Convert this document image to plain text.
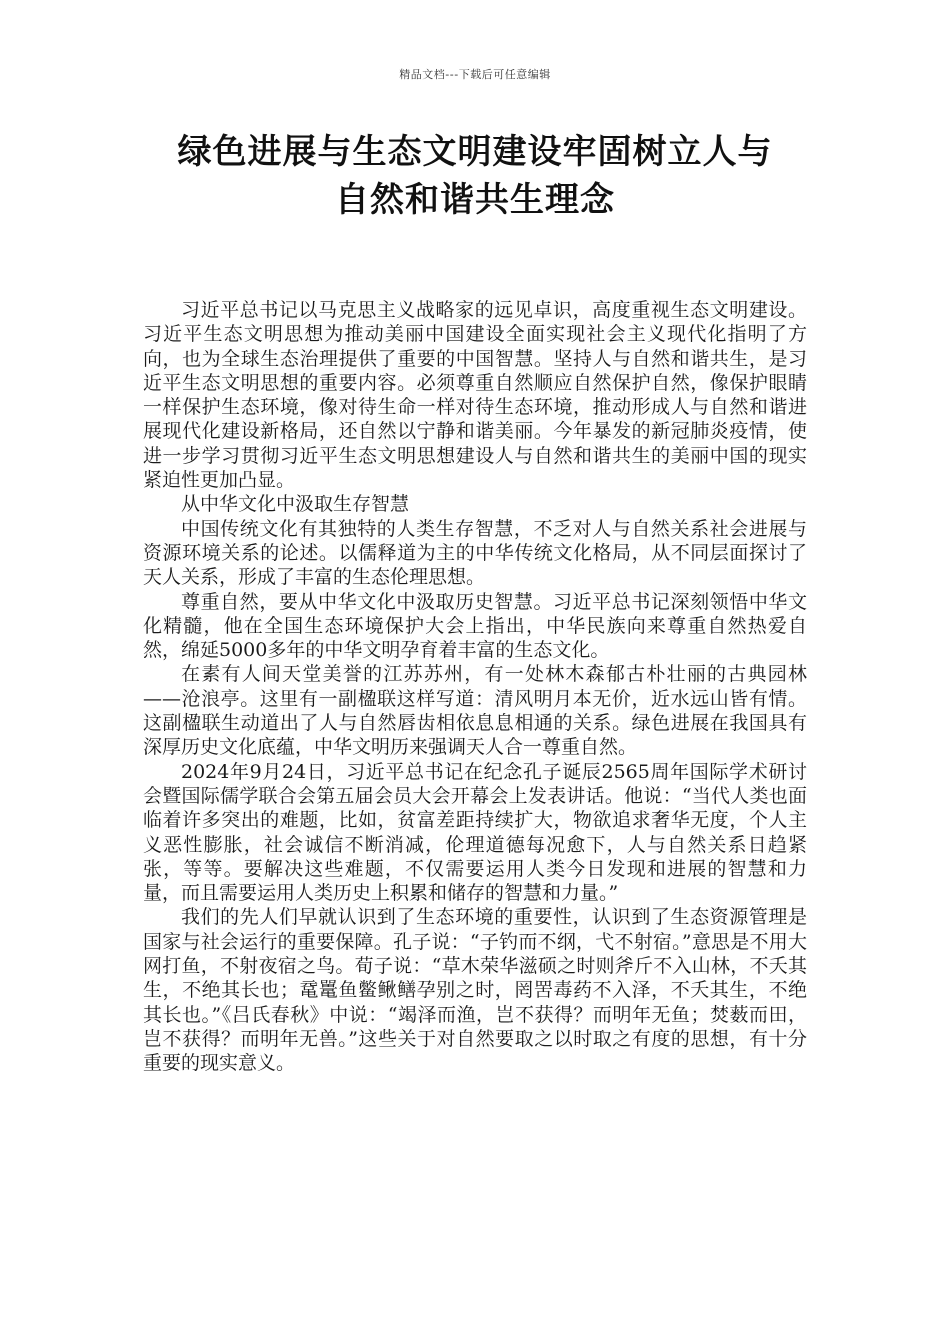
精品文档---下载后可任意编辑
绿色进展与生态文明建设牢固树立人与
自然和谐共生理念

习近平总书记以马克思主义战略家的远见卓识，高度重视生态文明建设。习近平生态文明思想为推动美丽中国建设全面实现社会主义现代化指明了方向，也为全球生态治理提供了重要的中国智慧。坚持人与自然和谐共生，是习近平生态文明思想的重要内容。必须尊重自然顺应自然保护自然，像保护眼睛一样保护生态环境，像对待生命一样对待生态环境，推动形成人与自然和谐进展现代化建设新格局，还自然以宁静和谐美丽。今年暴发的新冠肺炎疫情，使进一步学习贯彻习近平生态文明思想建设人与自然和谐共生的美丽中国的现实紧迫性更加凸显。

从中华文化中汲取生存智慧

中国传统文化有其独特的人类生存智慧，不乏对人与自然关系社会进展与资源环境关系的论述。以儒释道为主的中华传统文化格局，从不同层面探讨了天人关系，形成了丰富的生态伦理思想。

尊重自然，要从中华文化中汲取历史智慧。习近平总书记深刻领悟中华文化精髓，他在全国生态环境保护大会上指出，中华民族向来尊重自然热爱自然，绵延5000多年的中华文明孕育着丰富的生态文化。

在素有人间天堂美誉的江苏苏州，有一处林木森郁古朴壮丽的古典园林——沧浪亭。这里有一副楹联这样写道：清风明月本无价，近水远山皆有情。这副楹联生动道出了人与自然唇齿相依息息相通的关系。绿色进展在我国具有深厚历史文化底蕴，中华文明历来强调天人合一尊重自然。

2024年9月24日，习近平总书记在纪念孔子诞辰2565周年国际学术研讨会暨国际儒学联合会第五届会员大会开幕会上发表讲话。他说：“当代人类也面临着许多突出的难题，比如，贫富差距持续扩大，物欲追求奢华无度，个人主义恶性膨胀，社会诚信不断消减，伦理道德每况愈下，人与自然关系日趋紧张，等等。要解决这些难题，不仅需要运用人类今日发现和进展的智慧和力量，而且需要运用人类历史上积累和储存的智慧和力量。”

我们的先人们早就认识到了生态环境的重要性，认识到了生态资源管理是国家与社会运行的重要保障。孔子说：“子钓而不纲，弋不射宿。”意思是不用大网打鱼，不射夜宿之鸟。荀子说：“草木荣华滋硕之时则斧斤不入山林，不夭其生，不绝其长也；鼋鼍鱼鳖鳅鳝孕别之时，罔罟毒药不入泽，不夭其生，不绝其长也。”《吕氏春秋》中说：“竭泽而渔，岂不获得？而明年无鱼；焚薮而田，岂不获得？而明年无兽。”这些关于对自然要取之以时取之有度的思想，有十分重要的现实意义。
